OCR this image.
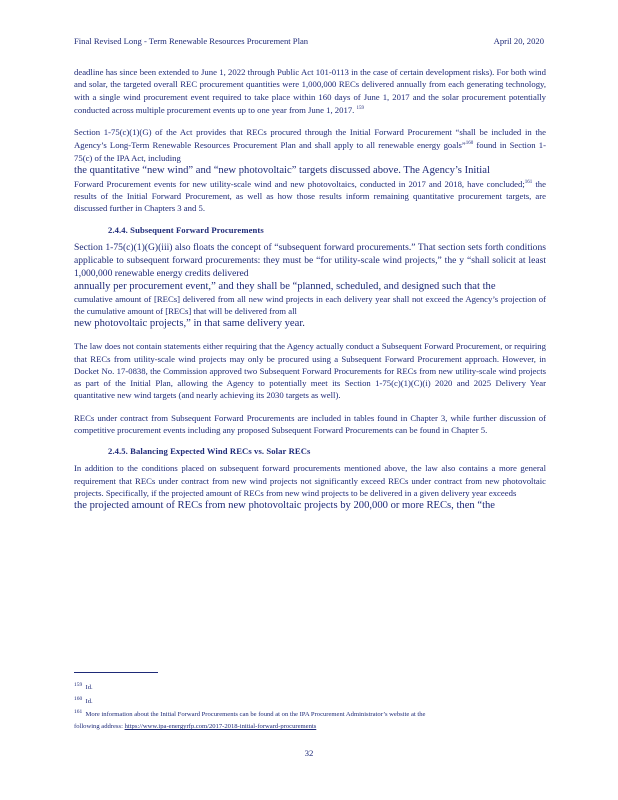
Final Revised Long - Term Renewable Resources Procurement Plan	April 20, 2020

deadline has since been extended to June 1, 2022 through Public Act 101-0113 in the case of certain development risks). For both wind and solar, the targeted overall REC procurement quantities were 1,000,000 RECs delivered annually from each generating technology, with a single wind procurement event required to take place within 160 days of June 1, 2017 and the solar procurement potentially conducted across multiple procurement events up to one year from June 1, 2017. $^{159}$

Section 1-75(c)(1)(G) of the Act provides that RECs procured through the Initial Forward Procurement “shall be included in the Agency’s Long-Term Renewable Resources Procurement Plan and shall apply to all renewable energy goals”$^{160}$ found in Section 1-75(c) of the IPA Act, including
the quantitative “new wind” and “new photovoltaic” targets discussed above. The Agency’s Initial
Forward Procurement events for new utility-scale wind and new photovoltaics, conducted in 2017 and 2018, have concluded;$^{161}$ the results of the Initial Forward Procurement, as well as how those results inform remaining quantitative procurement targets, are discussed further in Chapters 3 and 5.

2.4.4. Subsequent Forward Procurements

Section 1-75(c)(1)(G)(iii) also floats the concept of “subsequent forward procurements.” That section sets forth conditions applicable to subsequent forward procurements: they must be “for utility-scale wind projects,” the y “shall solicit at least 1,000,000 renewable energy credits delivered
annually per procurement event,” and they shall be “planned, scheduled, and designed such that the
cumulative amount of [RECs] delivered from all new wind projects in each delivery year shall not exceed the Agency’s projection of the cumulative amount of [RECs] that will be delivered from all
new photovoltaic projects,” in that same delivery year.

The law does not contain statements either requiring that the Agency actually conduct a Subsequent Forward Procurement, or requiring that RECs from utility-scale wind projects may only be procured using a Subsequent Forward Procurement approach. However, in Docket No. 17-0838, the Commission approved two Subsequent Forward Procurements for RECs from new utility-scale wind projects as part of the Initial Plan, allowing the Agency to potentially meet its Section 1-75(c)(1)(C)(i) 2020 and 2025 Delivery Year quantitative new wind targets (and nearly achieving its 2030 targets as well).

RECs under contract from Subsequent Forward Procurements are included in tables found in Chapter 3, while further discussion of competitive procurement events including any proposed Subsequent Forward Procurements can be found in Chapter 5.

2.4.5. Balancing Expected Wind RECs vs. Solar RECs

In addition to the conditions placed on subsequent forward procurements mentioned above, the law also contains a more general requirement that RECs under contract from new wind projects not significantly exceed RECs under contract from new photovoltaic projects. Specifically, if the projected amount of RECs from new wind projects to be delivered in a given delivery year exceeds
the projected amount of RECs from new photovoltaic projects by 200,000 or more RECs, then “the

$^{159}$ Id.
$^{160}$ Id.
$^{161}$ More information about the Initial Forward Procurements can be found at on the IPA Procurement Administrator’s website at the
following address: https://www.ipa-energyrfp.com/2017-2018-initial-forward-procurements
32
